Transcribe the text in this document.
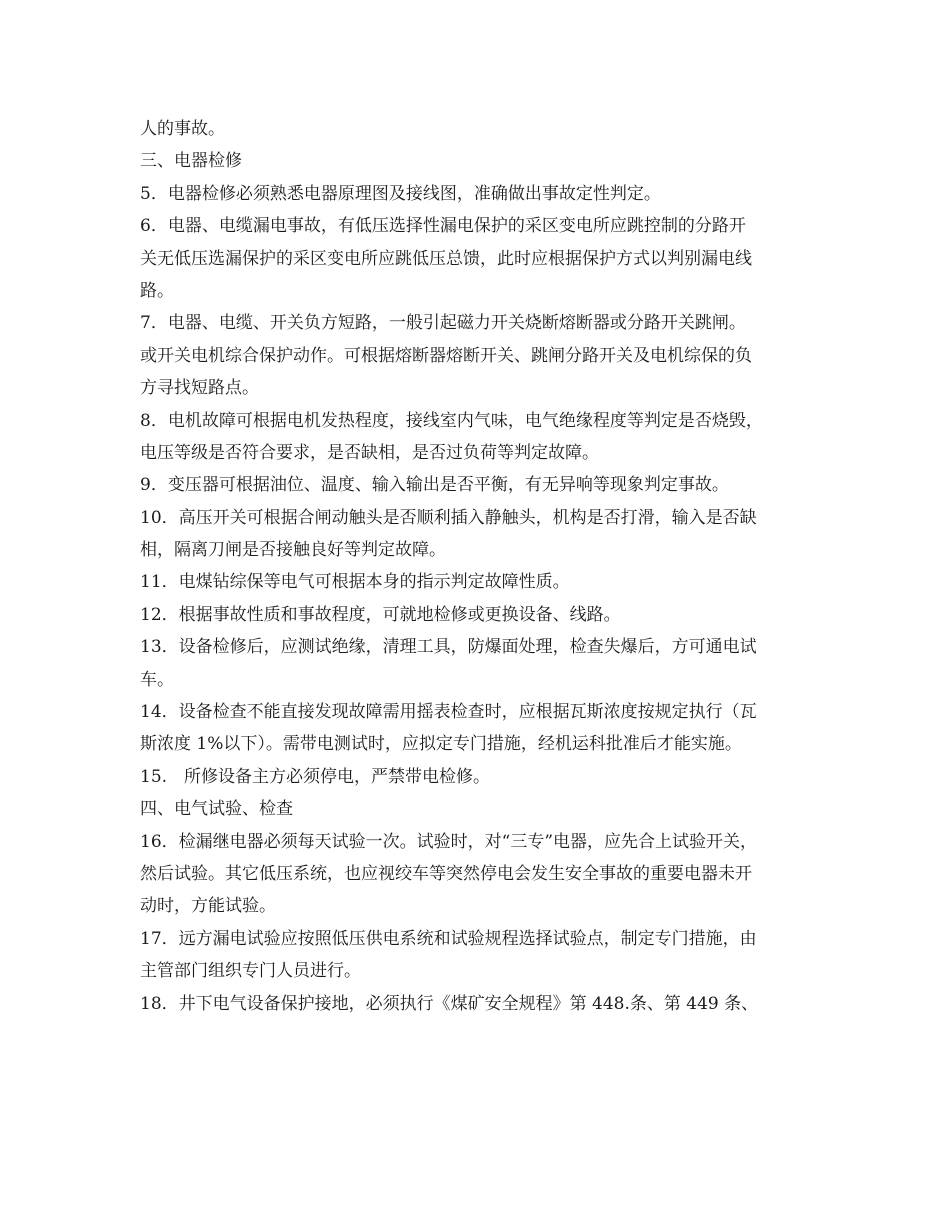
人的事故。
三、电器检修
5．电器检修必须熟悉电器原理图及接线图，准确做出事故定性判定。
6．电器、电缆漏电事故，有低压选择性漏电保护的采区变电所应跳控制的分路开
关无低压选漏保护的采区变电所应跳低压总馈，此时应根据保护方式以判别漏电线
路。
7．电器、电缆、开关负方短路，一般引起磁力开关烧断熔断器或分路开关跳闸。
或开关电机综合保护动作。可根据熔断器熔断开关、跳闸分路开关及电机综保的负
方寻找短路点。
8．电机故障可根据电机发热程度，接线室内气味，电气绝缘程度等判定是否烧毁，
电压等级是否符合要求，是否缺相，是否过负荷等判定故障。
9．变压器可根据油位、温度、输入输出是否平衡，有无异响等现象判定事故。
10．高压开关可根据合闸动触头是否顺利插入静触头，机构是否打滑，输入是否缺
相，隔离刀闸是否接触良好等判定故障。
11．电煤钻综保等电气可根据本身的指示判定故障性质。
12．根据事故性质和事故程度，可就地检修或更换设备、线路。
13．设备检修后，应测试绝缘，清理工具，防爆面处理，检查失爆后，方可通电试
车。
14．设备检查不能直接发现故障需用摇表检查时，应根据瓦斯浓度按规定执行（瓦
斯浓度 1%以下）。需带电测试时，应拟定专门措施，经机运科批准后才能实施。
15.　所修设备主方必须停电，严禁带电检修。
四、电气试验、检查
16．检漏继电器必须每天试验一次。试验时，对“三专”电器，应先合上试验开关，
然后试验。其它低压系统，也应视绞车等突然停电会发生安全事故的重要电器未开
动时，方能试验。
17．远方漏电试验应按照低压供电系统和试验规程选择试验点，制定专门措施，由
主管部门组织专门人员进行。
18．井下电气设备保护接地，必须执行《煤矿安全规程》第 448.条、第 449 条、
